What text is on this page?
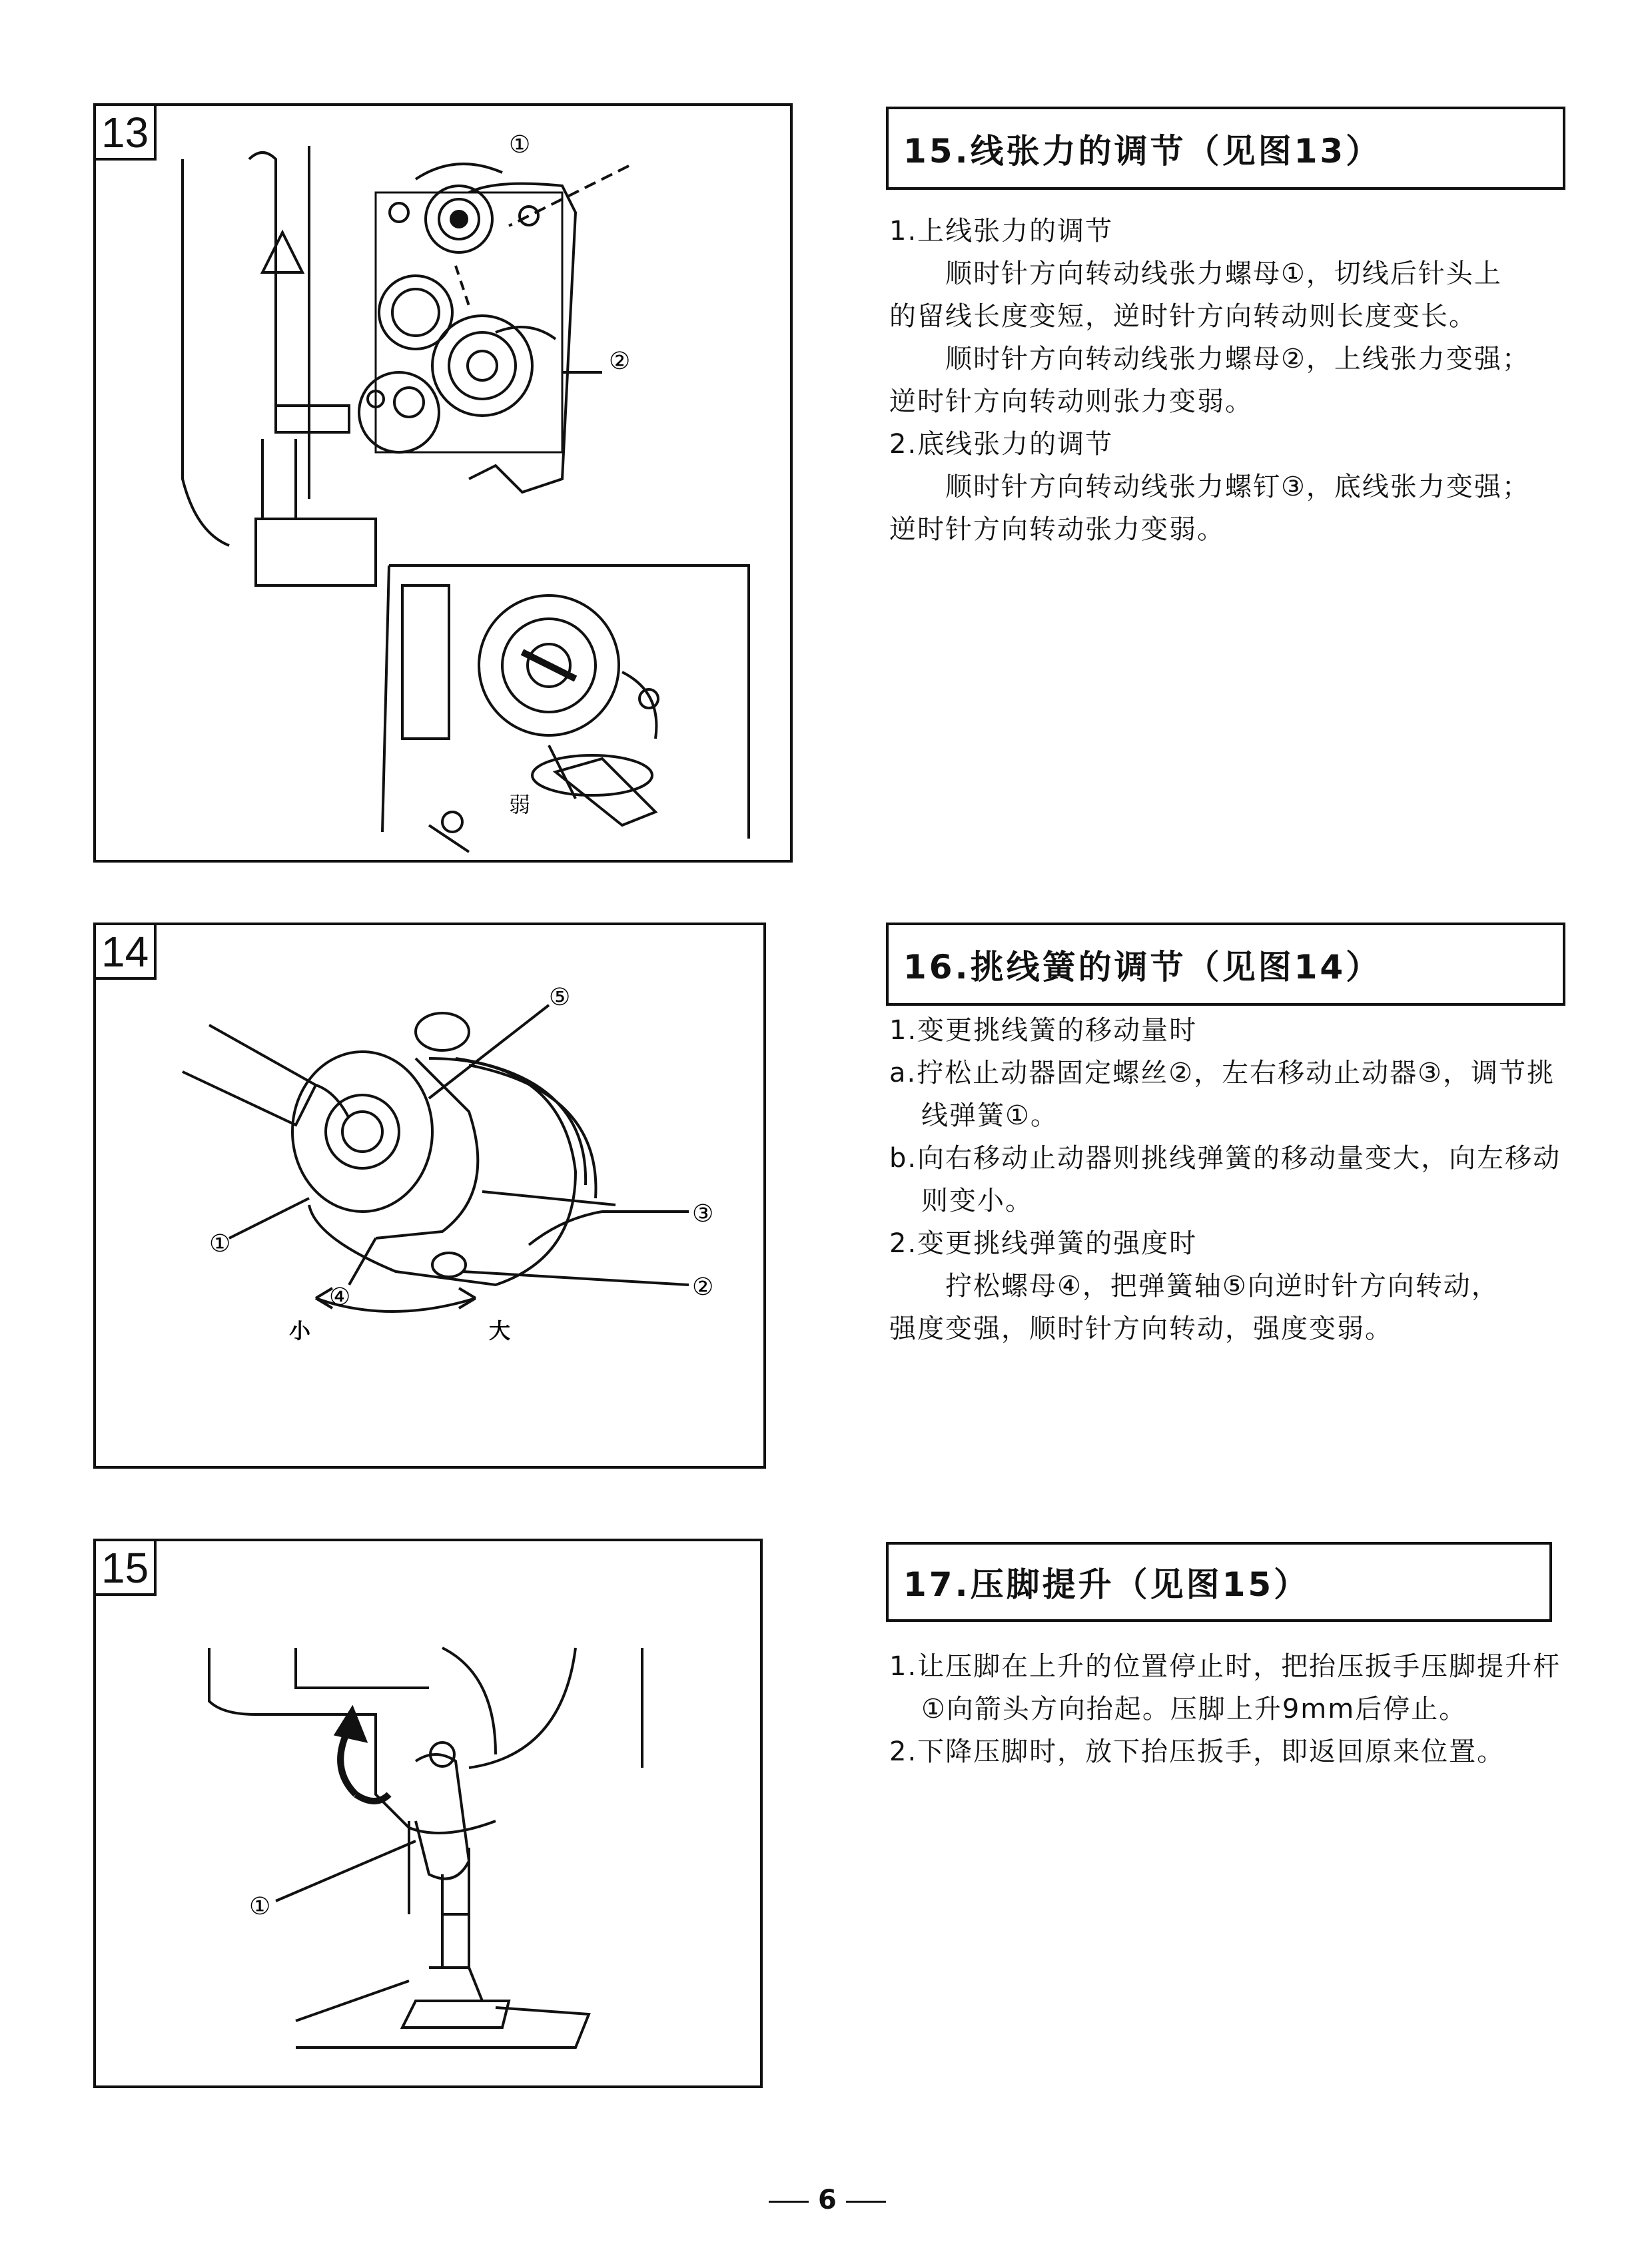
①
②
弱
13
⑤
①
③
④	②
小	大
14
①
15
15.线张力的调节（见图13）

1.上线张力的调节

顺时针方向转动线张力螺母①，切线后针头上

的留线长度变短，逆时针方向转动则长度变长。

顺时针方向转动线张力螺母②，上线张力变强；

逆时针方向转动则张力变弱。

2.底线张力的调节

顺时针方向转动线张力螺钉③，底线张力变强；

逆时针方向转动张力变弱。

16.挑线簧的调节（见图14）

1.变更挑线簧的移动量时

a.拧松止动器固定螺丝②，左右移动止动器③，调节挑线弹簧①。

b.向右移动止动器则挑线弹簧的移动量变大，向左移动则变小。

2.变更挑线弹簧的强度时

拧松螺母④，把弹簧轴⑤向逆时针方向转动，

强度变强，顺时针方向转动，强度变弱。

17.压脚提升（见图15）

1.让压脚在上升的位置停止时，把抬压扳手压脚提升杆①向箭头方向抬起。压脚上升9mm后停止。

2.下降压脚时，放下抬压扳手，即返回原来位置。

6
